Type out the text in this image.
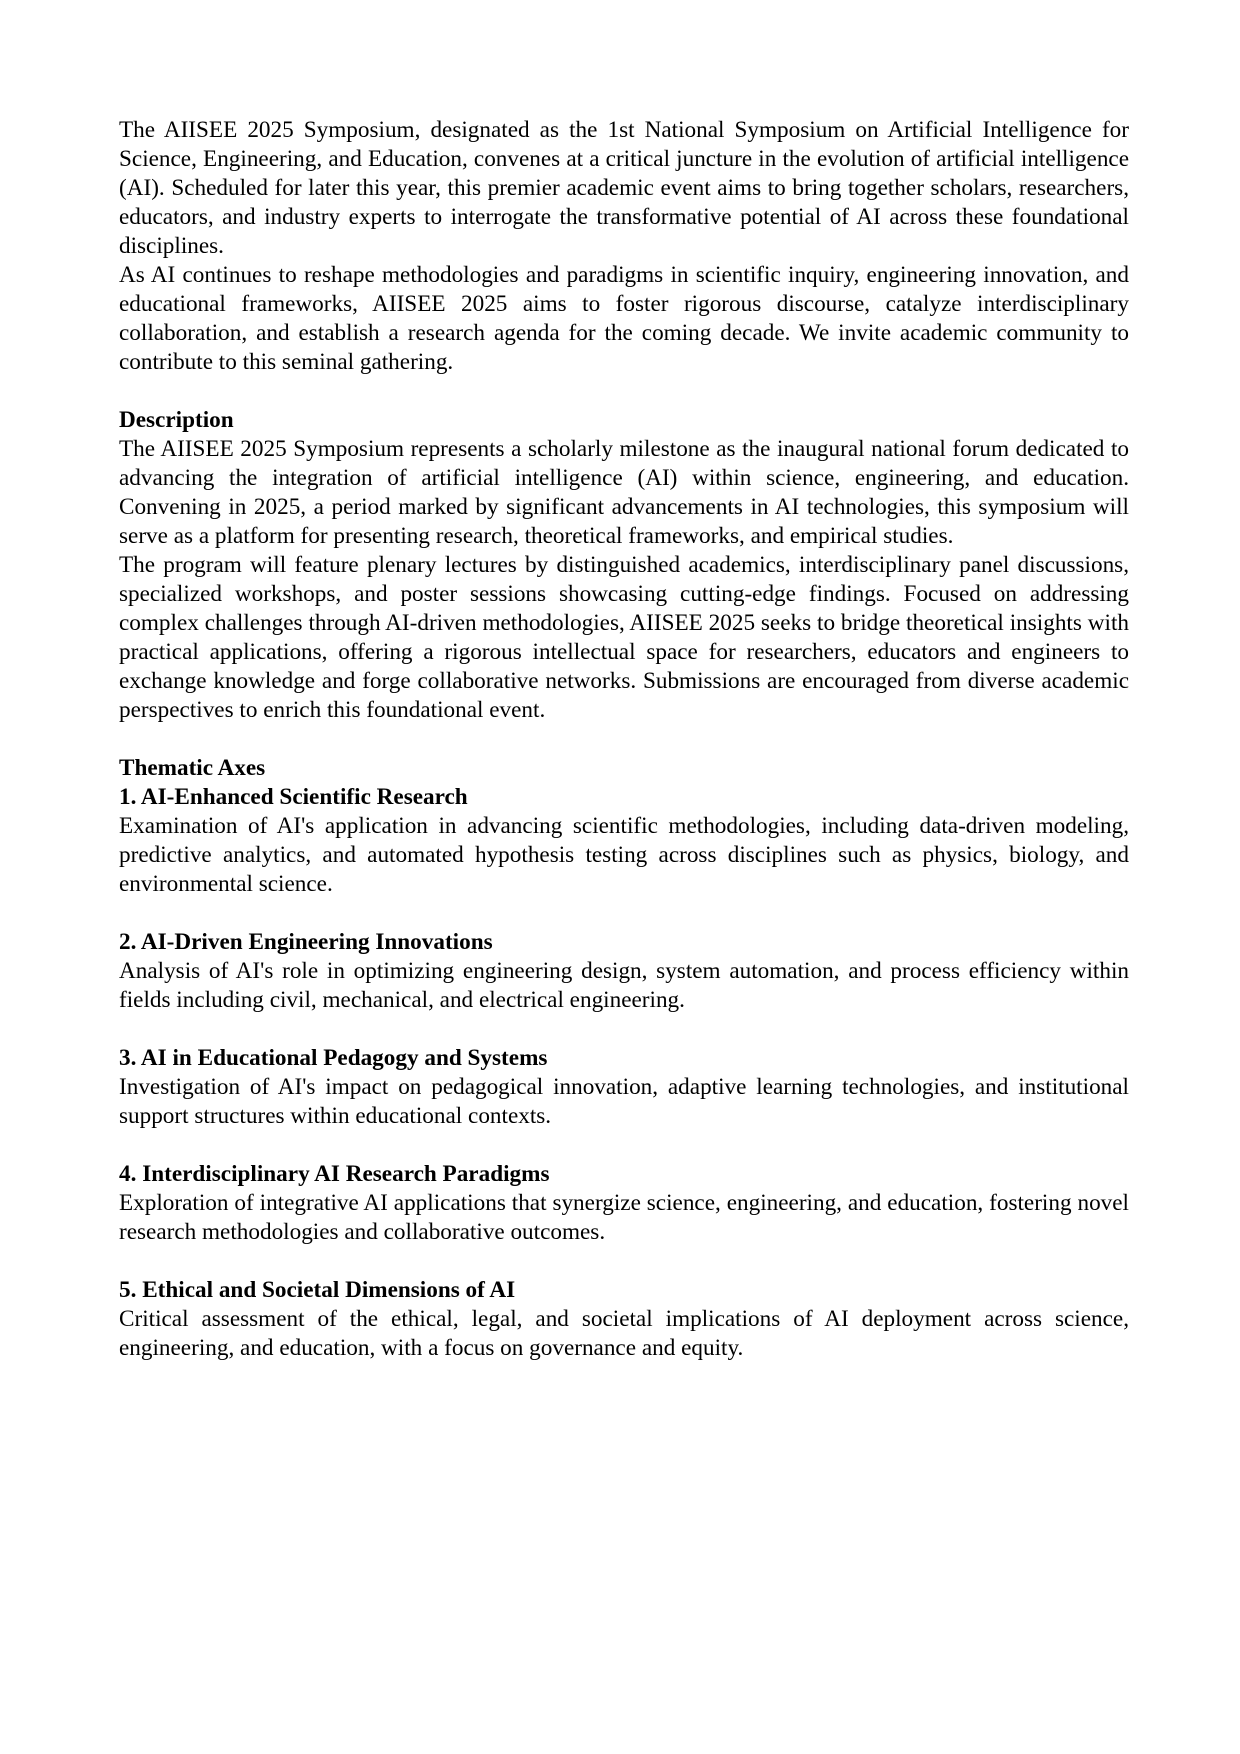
The AIISEE 2025 Symposium, designated as the 1st National Symposium on Artificial Intelligence for Science, Engineering, and Education, convenes at a critical juncture in the evolution of artificial intelligence (AI). Scheduled for later this year, this premier academic event aims to bring together scholars, researchers, educators, and industry experts to interrogate the transformative potential of AI across these foundational disciplines.

As AI continues to reshape methodologies and paradigms in scientific inquiry, engineering innovation, and educational frameworks, AIISEE 2025 aims to foster rigorous discourse, catalyze interdisciplinary collaboration, and establish a research agenda for the coming decade. We invite academic community to contribute to this seminal gathering.

Description

The AIISEE 2025 Symposium represents a scholarly milestone as the inaugural national forum dedicated to advancing the integration of artificial intelligence (AI) within science, engineering, and education. Convening in 2025, a period marked by significant advancements in AI technologies, this symposium will serve as a platform for presenting research, theoretical frameworks, and empirical studies.

The program will feature plenary lectures by distinguished academics, interdisciplinary panel discussions, specialized workshops, and poster sessions showcasing cutting-edge findings. Focused on addressing complex challenges through AI-driven methodologies, AIISEE 2025 seeks to bridge theoretical insights with practical applications, offering a rigorous intellectual space for researchers, educators and engineers to exchange knowledge and forge collaborative networks. Submissions are encouraged from diverse academic perspectives to enrich this foundational event.

Thematic Axes
1. AI-Enhanced Scientific Research

Examination of AI's application in advancing scientific methodologies, including data-driven modeling, predictive analytics, and automated hypothesis testing across disciplines such as physics, biology, and environmental science.

2. AI-Driven Engineering Innovations

Analysis of AI's role in optimizing engineering design, system automation, and process efficiency within fields including civil, mechanical, and electrical engineering.

3. AI in Educational Pedagogy and Systems

Investigation of AI's impact on pedagogical innovation, adaptive learning technologies, and institutional support structures within educational contexts.

4. Interdisciplinary AI Research Paradigms

Exploration of integrative AI applications that synergize science, engineering, and education, fostering novel research methodologies and collaborative outcomes.

5. Ethical and Societal Dimensions of AI

Critical assessment of the ethical, legal, and societal implications of AI deployment across science, engineering, and education, with a focus on governance and equity.
